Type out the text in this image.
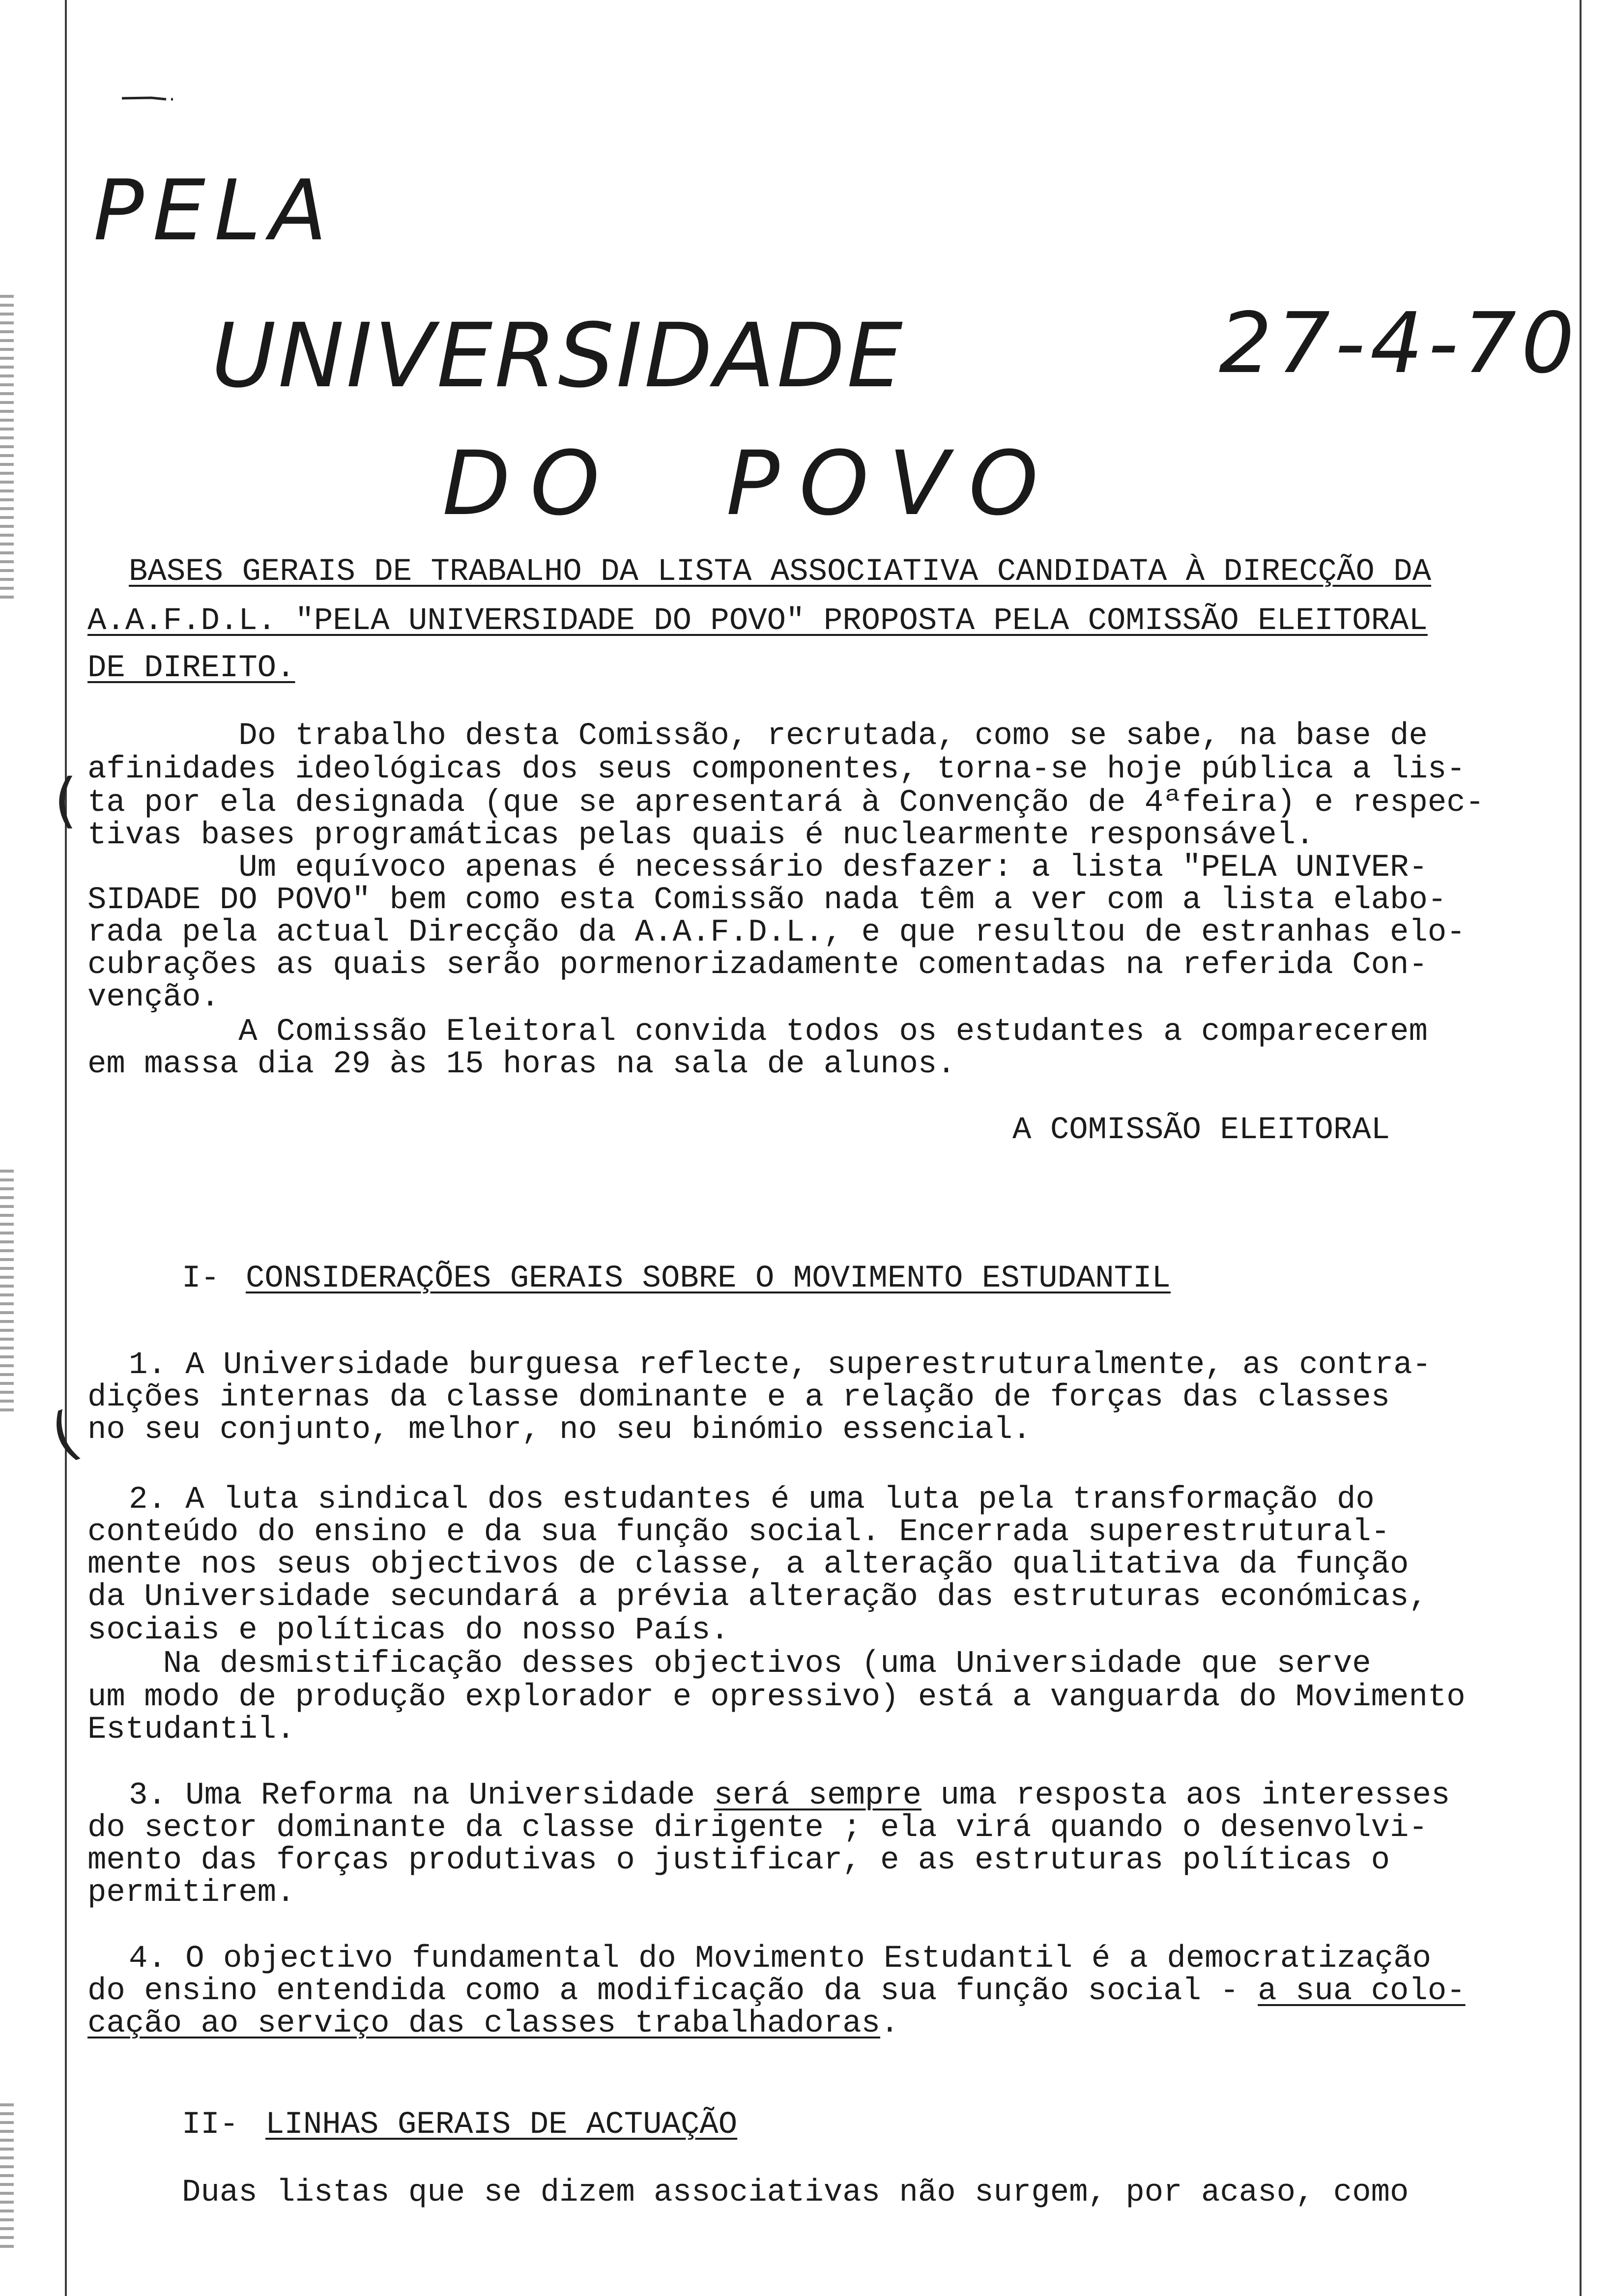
PELA
UNIVERSIDADE	27-4-70
DO POVO
BASES GERAIS DE TRABALHO DA LISTA ASSOCIATIVA CANDIDATA À DIRECÇÃO DA
A.A.F.D.L. "PELA UNIVERSIDADE DO POVO" PROPOSTA PELA COMISSÃO ELEITORAL
DE DIREITO.
Do trabalho desta Comissão, recrutada, como se sabe, na base de
afinidades ideológicas dos seus componentes, torna-se hoje pública a lis-
ta por ela designada (que se apresentará à Convenção de 4ªfeira) e respec-
tivas bases programáticas pelas quais é nuclearmente responsável.
Um equívoco apenas é necessário desfazer: a lista "PELA UNIVER-
SIDADE DO POVO" bem como esta Comissão nada têm a ver com a lista elabo-
rada pela actual Direcção da A.A.F.D.L., e que resultou de estranhas elo-
cubrações as quais serão pormenorizadamente comentadas na referida Con-
venção.
A Comissão Eleitoral convida todos os estudantes a comparecerem
em massa dia 29 às 15 horas na sala de alunos.
(
A COMISSÃO ELEITORAL
I- CONSIDERAÇÕES GERAIS SOBRE O MOVIMENTO ESTUDANTIL
1. A Universidade burguesa reflecte, superestruturalmente, as contra-
dições internas da classe dominante e a relação de forças das classes
no seu conjunto, melhor, no seu binómio essencial.
(
2. A luta sindical dos estudantes é uma luta pela transformação do
conteúdo do ensino e da sua função social. Encerrada superestrutural-
mente nos seus objectivos de classe, a alteração qualitativa da função
da Universidade secundará a prévia alteração das estruturas económicas,
sociais e políticas do nosso País.
Na desmistificação desses objectivos (uma Universidade que serve
um modo de produção explorador e opressivo) está a vanguarda do Movimento
Estudantil.
3. Uma Reforma na Universidade será sempre uma resposta aos interesses
do sector dominante da classe dirigente ; ela virá quando o desenvolvi-
mento das forças produtivas o justificar, e as estruturas políticas o
permitirem.
4. O objectivo fundamental do Movimento Estudantil é a democratização
do ensino entendida como a modificação da sua função social - a sua colo-
cação ao serviço das classes trabalhadoras.
II- LINHAS GERAIS DE ACTUAÇÃO
Duas listas que se dizem associativas não surgem, por acaso, como
